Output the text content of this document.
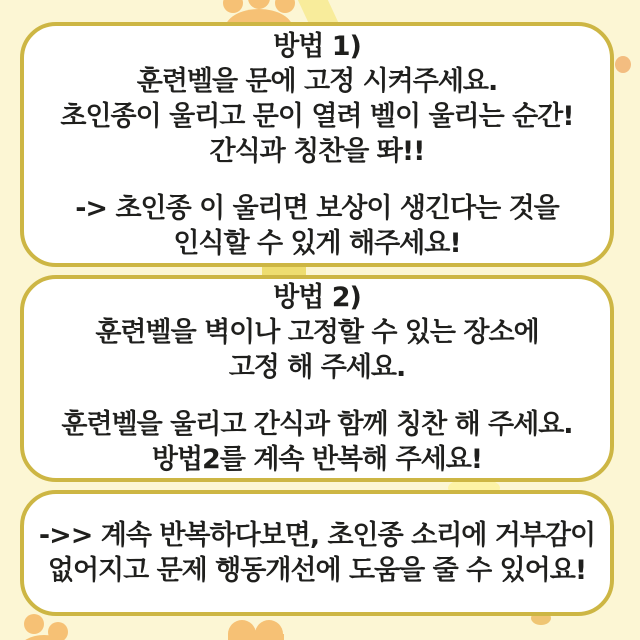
방법 1)
훈련벨을 문에 고정 시켜주세요.
초인종이 울리고 문이 열려 벨이 울리는 순간!
간식과 칭찬을 똬!!
-> 초인종 이 울리면 보상이 생긴다는 것을
인식할 수 있게 해주세요!
방법 2)
훈련벨을 벽이나 고정할 수 있는 장소에
고정 해 주세요.
훈련벨을 울리고 간식과 함께 칭찬 해 주세요.
방법2를 계속 반복해 주세요!
->> 계속 반복하다보면, 초인종 소리에 거부감이
없어지고 문제 행동개선에 도움을 줄 수 있어요!
